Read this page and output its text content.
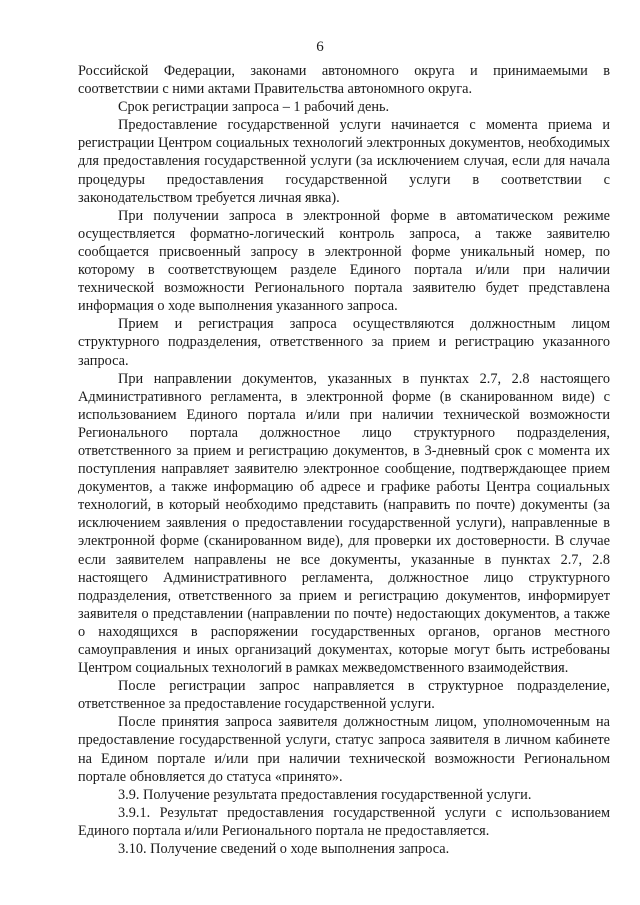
6

Российской Федерации, законами автономного округа и принимаемыми в соответствии с ними актами Правительства автономного округа.

Срок регистрации запроса – 1 рабочий день.

Предоставление государственной услуги начинается с момента приема и регистрации Центром социальных технологий электронных документов, необходимых для предоставления государственной услуги (за исключением случая, если для начала процедуры предоставления государственной услуги в соответствии с законодательством требуется личная явка).

При получении запроса в электронной форме в автоматическом режиме осуществляется форматно-логический контроль запроса, а также заявителю сообщается присвоенный запросу в электронной форме уникальный номер, по которому в соответствующем разделе Единого портала и/или при наличии технической возможности Регионального портала заявителю будет представлена информация о ходе выполнения указанного запроса.

Прием и регистрация запроса осуществляются должностным лицом структурного подразделения, ответственного за прием и регистрацию указанного запроса.

При направлении документов, указанных в пунктах 2.7, 2.8 настоящего Административного регламента, в электронной форме (в сканированном виде) с использованием Единого портала и/или при наличии технической возможности Регионального портала должностное лицо структурного подразделения, ответственного за прием и регистрацию документов, в 3-дневный срок с момента их поступления направляет заявителю электронное сообщение, подтверждающее прием документов, а также информацию об адресе и графике работы Центра социальных технологий, в который необходимо представить (направить по почте) документы (за исключением заявления о предоставлении государственной услуги), направленные в электронной форме (сканированном виде), для проверки их достоверности. В случае если заявителем направлены не все документы, указанные в пунктах 2.7, 2.8 настоящего Административного регламента, должностное лицо структурного подразделения, ответственного за прием и регистрацию документов, информирует заявителя о представлении (направлении по почте) недостающих документов, а также о находящихся в распоряжении государственных органов, органов местного самоуправления и иных организаций документах, которые могут быть истребованы Центром социальных технологий в рамках межведомственного взаимодействия.

После регистрации запрос направляется в структурное подразделение, ответственное за предоставление государственной услуги.

После принятия запроса заявителя должностным лицом, уполномоченным на предоставление государственной услуги, статус запроса заявителя в личном кабинете на Едином портале и/или при наличии технической возможности Региональном портале обновляется до статуса «принято».

3.9. Получение результата предоставления государственной услуги.

3.9.1. Результат предоставления государственной услуги с использованием Единого портала и/или Регионального портала не предоставляется.

3.10. Получение сведений о ходе выполнения запроса.
